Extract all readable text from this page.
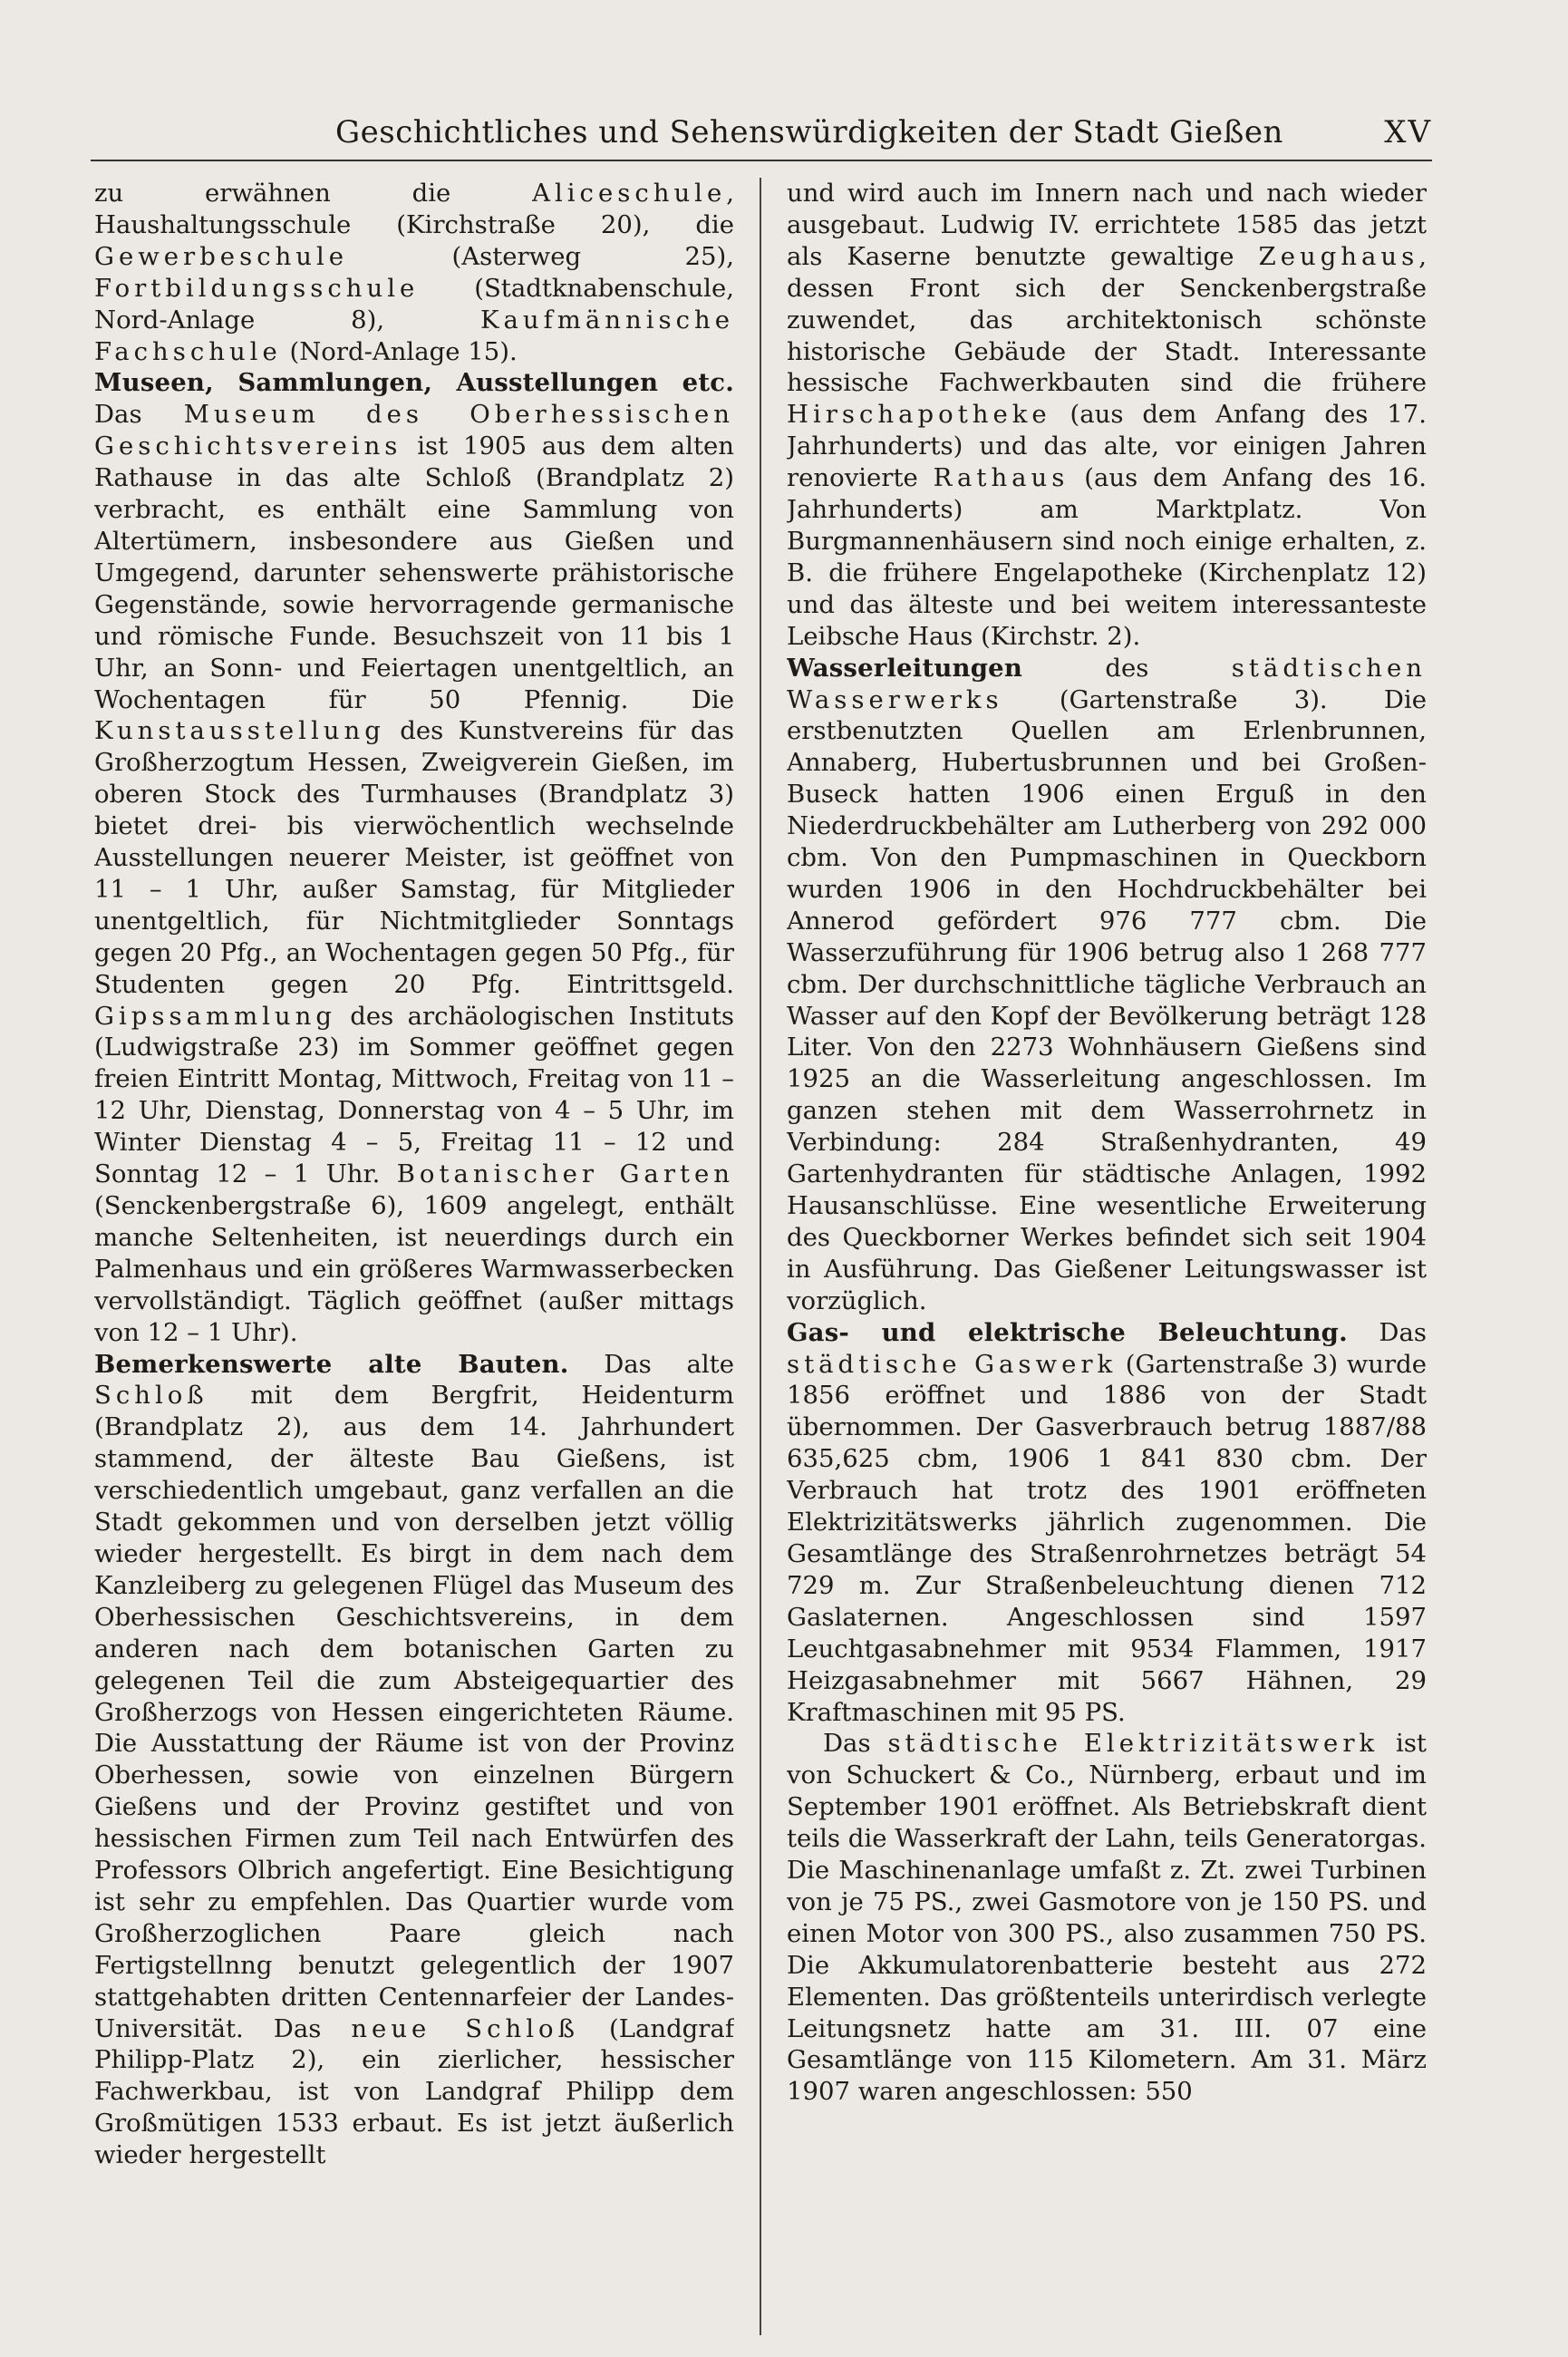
Geschichtliches und Sehenswürdigkeiten der Stadt Gießen	XV

zu erwähnen die Aliceschule, Haushaltungsschule (Kirchstraße 20), die Gewerbeschule (Asterweg 25), Fortbildungsschule (Stadtknabenschule, Nord-Anlage 8), Kaufmännische Fachschule (Nord-Anlage 15).

Museen, Sammlungen, Ausstellungen etc. Das Museum des Oberhessischen Geschichtsvereins ist 1905 aus dem alten Rathause in das alte Schloß (Brandplatz 2) verbracht, es enthält eine Sammlung von Altertümern, insbesondere aus Gießen und Umgegend, darunter sehenswerte prähistorische Gegenstände, sowie hervorragende germanische und römische Funde. Besuchszeit von 11 bis 1 Uhr, an Sonn- und Feiertagen unentgeltlich, an Wochentagen für 50 Pfennig. Die Kunstausstellung des Kunstvereins für das Großherzogtum Hessen, Zweigverein Gießen, im oberen Stock des Turmhauses (Brandplatz 3) bietet drei- bis vierwöchentlich wechselnde Ausstellungen neuerer Meister, ist geöffnet von 11 – 1 Uhr, außer Samstag, für Mitglieder unentgeltlich, für Nichtmitglieder Sonntags gegen 20 Pfg., an Wochentagen gegen 50 Pfg., für Studenten gegen 20 Pfg. Eintrittsgeld. Gipssammlung des archäologischen Instituts (Ludwigstraße 23) im Sommer geöffnet gegen freien Eintritt Montag, Mittwoch, Freitag von 11 – 12 Uhr, Dienstag, Donnerstag von 4 – 5 Uhr, im Winter Dienstag 4 – 5, Freitag 11 – 12 und Sonntag 12 – 1 Uhr. Botanischer Garten (Senckenbergstraße 6), 1609 angelegt, enthält manche Seltenheiten, ist neuerdings durch ein Palmenhaus und ein größeres Warmwasserbecken vervollständigt. Täglich geöffnet (außer mittags von 12 – 1 Uhr).

Bemerkenswerte alte Bauten. Das alte Schloß mit dem Bergfrit, Heidenturm (Brandplatz 2), aus dem 14. Jahrhundert stammend, der älteste Bau Gießens, ist verschiedentlich umgebaut, ganz verfallen an die Stadt gekommen und von derselben jetzt völlig wieder hergestellt. Es birgt in dem nach dem Kanzleiberg zu gelegenen Flügel das Museum des Oberhessischen Geschichtsvereins, in dem anderen nach dem botanischen Garten zu gelegenen Teil die zum Absteigequartier des Großherzogs von Hessen eingerichteten Räume. Die Ausstattung der Räume ist von der Provinz Oberhessen, sowie von einzelnen Bürgern Gießens und der Provinz gestiftet und von hessischen Firmen zum Teil nach Entwürfen des Professors Olbrich angefertigt. Eine Besichtigung ist sehr zu empfehlen. Das Quartier wurde vom Großherzoglichen Paare gleich nach Fertigstellnng benutzt gelegentlich der 1907 stattgehabten dritten Centennarfeier der Landes-Universität. Das neue Schloß (Landgraf Philipp-Platz 2), ein zierlicher, hessischer Fachwerkbau, ist von Landgraf Philipp dem Großmütigen 1533 erbaut. Es ist jetzt äußerlich wieder hergestellt

und wird auch im Innern nach und nach wieder ausgebaut. Ludwig IV. errichtete 1585 das jetzt als Kaserne benutzte gewaltige Zeughaus, dessen Front sich der Senckenbergstraße zuwendet, das architektonisch schönste historische Gebäude der Stadt. Interessante hessische Fachwerkbauten sind die frühere Hirschapotheke (aus dem Anfang des 17. Jahrhunderts) und das alte, vor einigen Jahren renovierte Rathaus (aus dem Anfang des 16. Jahrhunderts) am Marktplatz. Von Burgmannenhäusern sind noch einige erhalten, z. B. die frühere Engelapotheke (Kirchenplatz 12) und das älteste und bei weitem interessanteste Leibsche Haus (Kirchstr. 2).

Wasserleitungen des städtischen Wasserwerks (Gartenstraße 3). Die erstbenutzten Quellen am Erlenbrunnen, Annaberg, Hubertusbrunnen und bei Großen-Buseck hatten 1906 einen Erguß in den Niederdruckbehälter am Lutherberg von 292 000 cbm. Von den Pumpmaschinen in Queckborn wurden 1906 in den Hochdruckbehälter bei Annerod gefördert 976 777 cbm. Die Wasserzuführung für 1906 betrug also 1 268 777 cbm. Der durchschnittliche tägliche Verbrauch an Wasser auf den Kopf der Bevölkerung beträgt 128 Liter. Von den 2273 Wohnhäusern Gießens sind 1925 an die Wasserleitung angeschlossen. Im ganzen stehen mit dem Wasserrohrnetz in Verbindung: 284 Straßenhydranten, 49 Gartenhydranten für städtische Anlagen, 1992 Hausanschlüsse. Eine wesentliche Erweiterung des Queckborner Werkes befindet sich seit 1904 in Ausführung. Das Gießener Leitungswasser ist vorzüglich.

Gas- und elektrische Beleuchtung. Das städtische Gaswerk (Gartenstraße 3) wurde 1856 eröffnet und 1886 von der Stadt übernommen. Der Gasverbrauch betrug 1887/88 635,625 cbm, 1906 1 841 830 cbm. Der Verbrauch hat trotz des 1901 eröffneten Elektrizitätswerks jährlich zugenommen. Die Gesamtlänge des Straßenrohrnetzes beträgt 54 729 m. Zur Straßenbeleuchtung dienen 712 Gaslaternen. Angeschlossen sind 1597 Leuchtgasabnehmer mit 9534 Flammen, 1917 Heizgasabnehmer mit 5667 Hähnen, 29 Kraftmaschinen mit 95 PS.

Das städtische Elektrizitätswerk ist von Schuckert & Co., Nürnberg, erbaut und im September 1901 eröffnet. Als Betriebskraft dient teils die Wasserkraft der Lahn, teils Generatorgas. Die Maschinenanlage umfaßt z. Zt. zwei Turbinen von je 75 PS., zwei Gasmotore von je 150 PS. und einen Motor von 300 PS., also zusammen 750 PS. Die Akkumulatorenbatterie besteht aus 272 Elementen. Das größtenteils unterirdisch verlegte Leitungsnetz hatte am 31. III. 07 eine Gesamtlänge von 115 Kilometern. Am 31. März 1907 waren angeschlossen: 550
